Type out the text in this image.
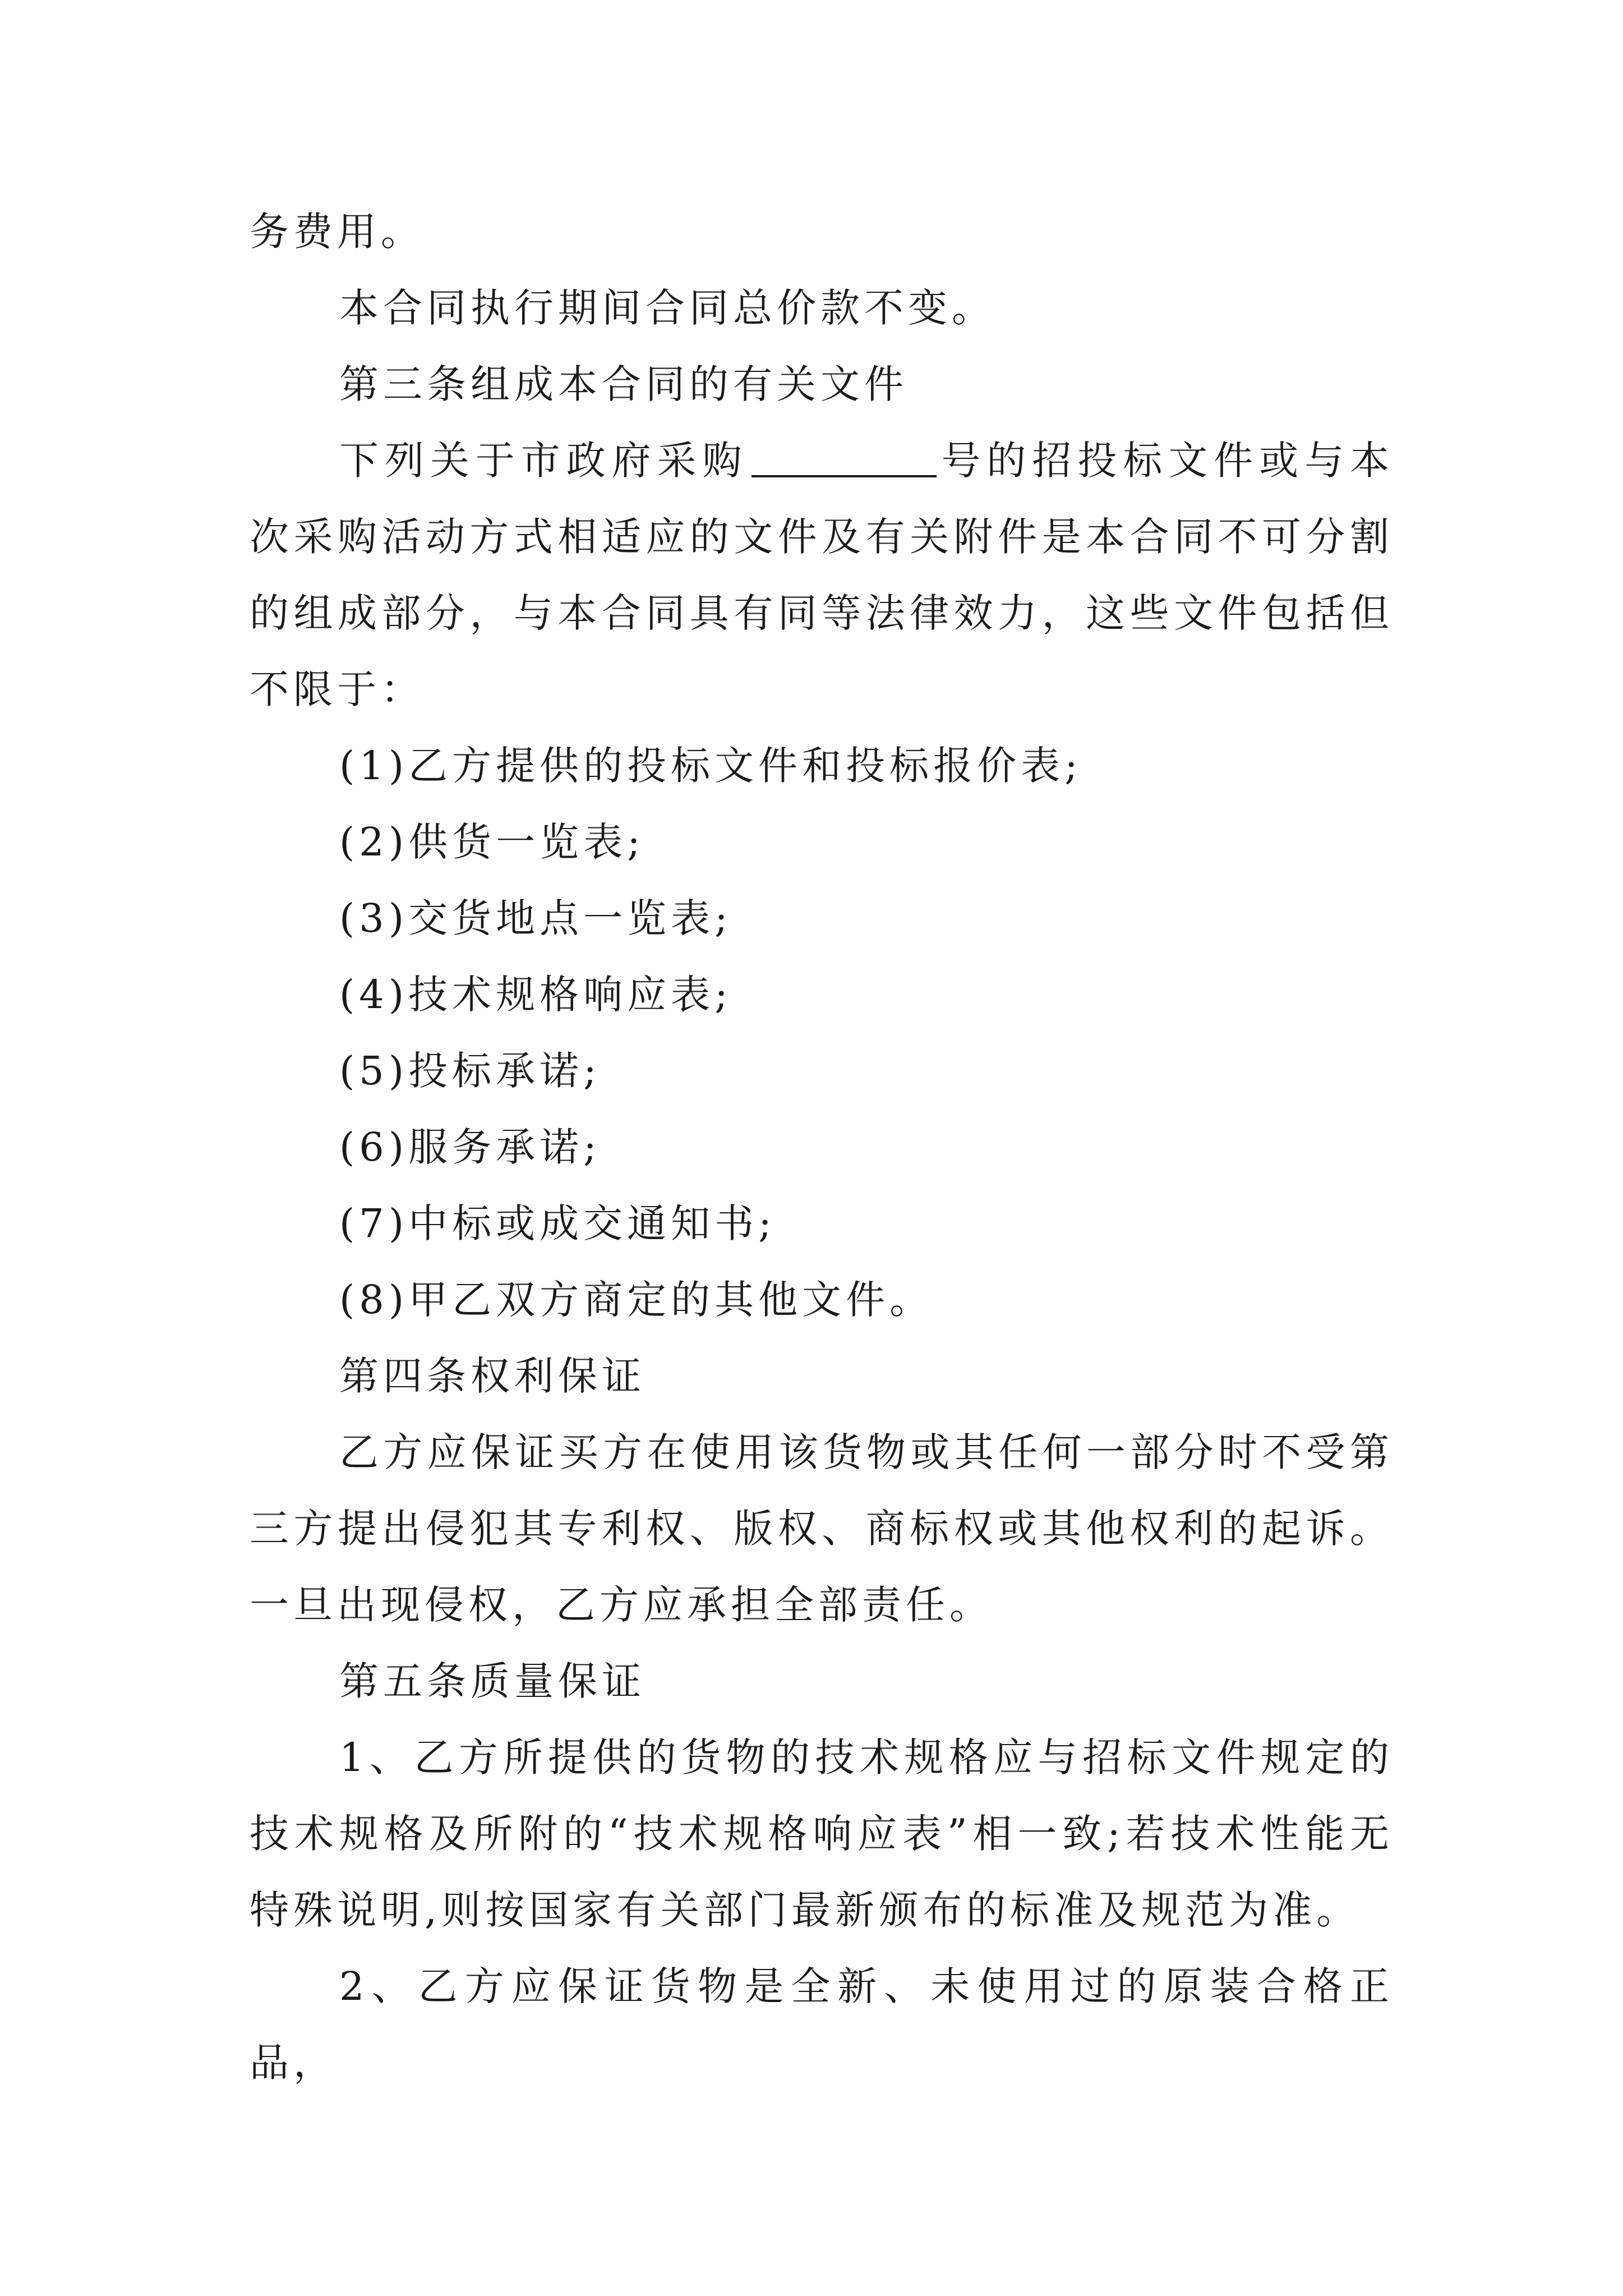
务费用。

本合同执行期间合同总价款不变。

第三条组成本合同的有关文件

下列关于市政府采购	号的招投标文件或与本次采购活动方式相适应的文件及有关附件是本合同不可分割的组成部分，与本合同具有同等法律效力，这些文件包括但不限于：

(1)乙方提供的投标文件和投标报价表;

(2)供货一览表;

(3)交货地点一览表;

(4)技术规格响应表;

(5)投标承诺;

(6)服务承诺;

(7)中标或成交通知书;

(8)甲乙双方商定的其他文件。

第四条权利保证

乙方应保证买方在使用该货物或其任何一部分时不受第三方提出侵犯其专利权、版权、商标权或其他权利的起诉。一旦出现侵权，乙方应承担全部责任。

第五条质量保证

1、乙方所提供的货物的技术规格应与招标文件规定的技术规格及所附的“技术规格响应表”相一致;若技术性能无特殊说明,则按国家有关部门最新颁布的标准及规范为准。

2、乙方应保证货物是全新、未使用过的原装合格正品，
